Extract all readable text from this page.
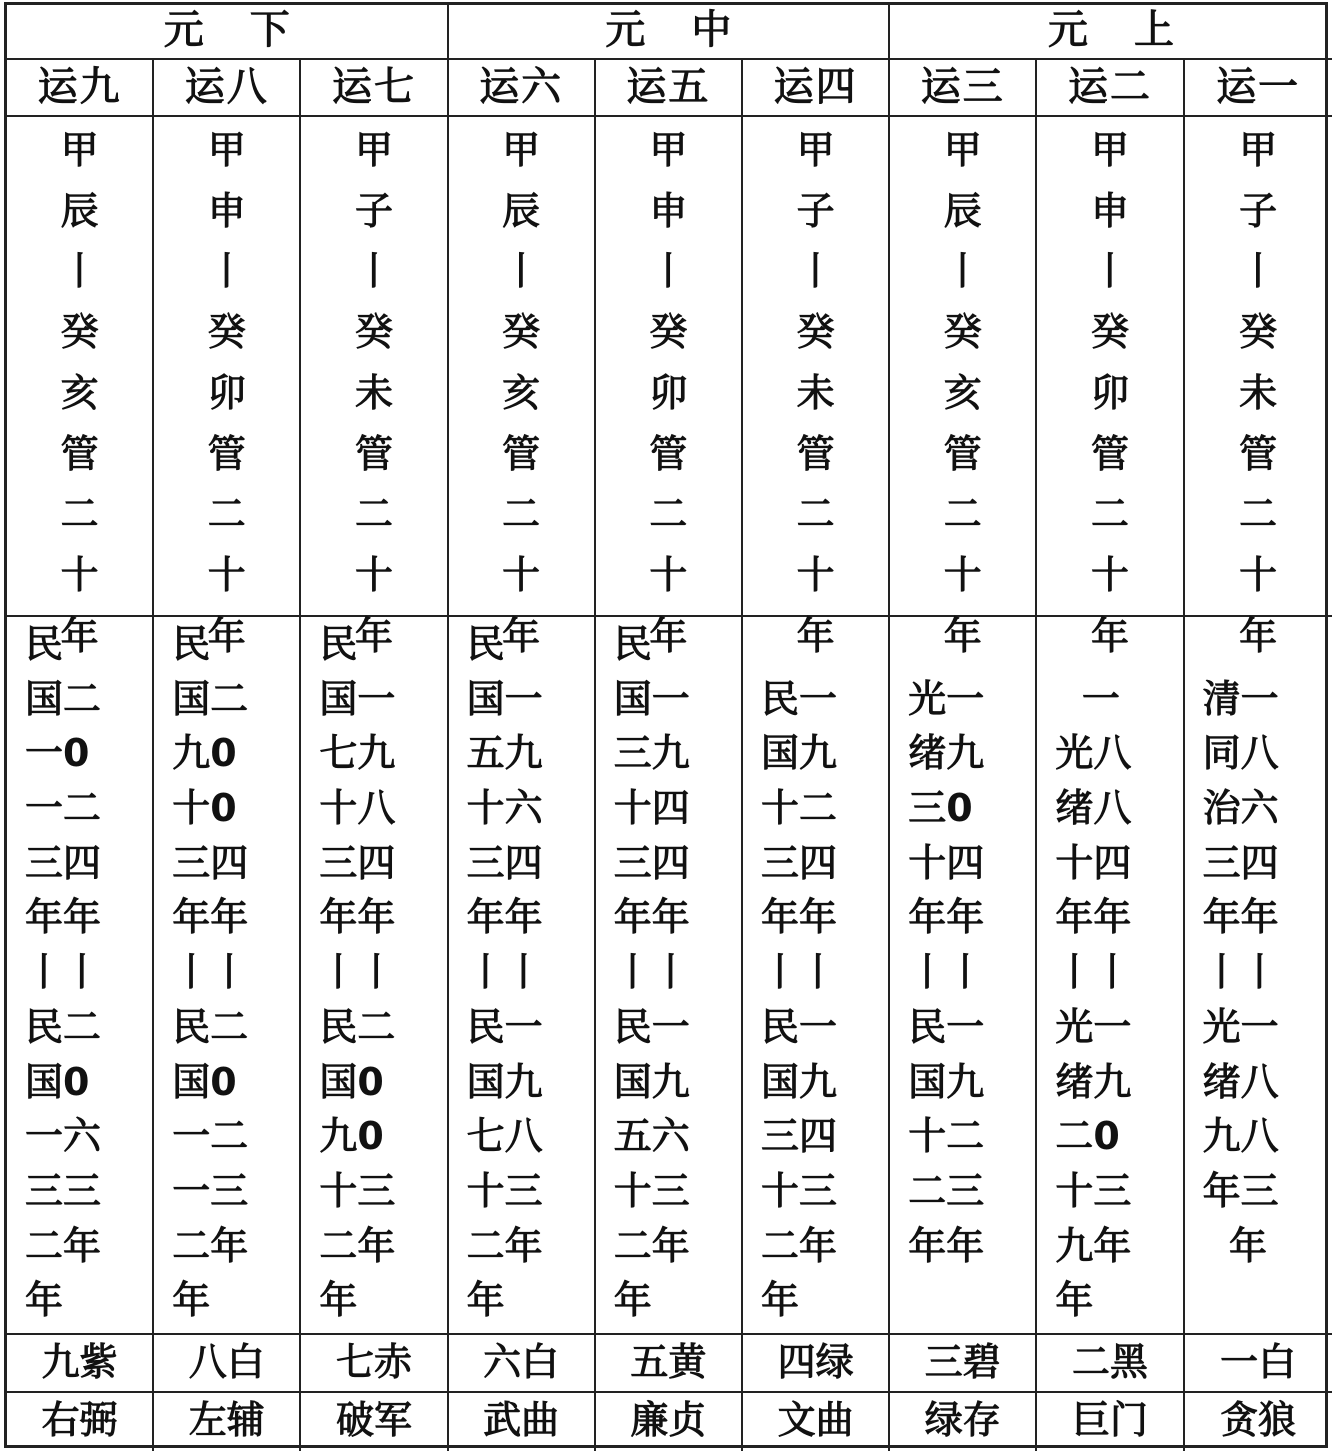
元下	元中	元上
运九
甲
辰
丨
癸
亥
管
二
十
年
民
国二
一0
一二
三四
年年
丨丨
民二
国0
一六
三三
二年
年
九紫
右弼
运八
甲
申
丨
癸
卯
管
二
十
年
民
国二
九0
十0
三四
年年
丨丨
民二
国0
一二
一三
二年
年
八白
左辅
运七
甲
子
丨
癸
未
管
二
十
年
民
国一
七九
十八
三四
年年
丨丨
民二
国0
九0
十三
二年
年
七赤
破军
运六
甲
辰
丨
癸
亥
管
二
十
年
民
国一
五九
十六
三四
年年
丨丨
民一
国九
七八
十三
二年
年
六白
武曲
运五
甲
申
丨
癸
卯
管
二
十
年
民
国一
三九
十四
三四
年年
丨丨
民一
国九
五六
十三
二年
年
五黄
廉贞
运四
甲
子
丨
癸
未
管
二
十
年
民一
国九
十二
三四
年年
丨丨
民一
国九
三四
十三
二年
年
四绿
文曲
运三
甲
辰
丨
癸
亥
管
二
十
年
光一
绪九
三0
十四
年年
丨丨
民一
国九
十二
二三
年年
三碧
绿存
运二
甲
申
丨
癸
卯
管
二
十
年
一
光八
绪八
十四
年年
丨丨
光一
绪九
二0
十三
九年
年
二黑
巨门
运一
甲
子
丨
癸
未
管
二
十
年
清一
同八
治六
三四
年年
丨丨
光一
绪八
九八
年三
年
一白
贪狼
